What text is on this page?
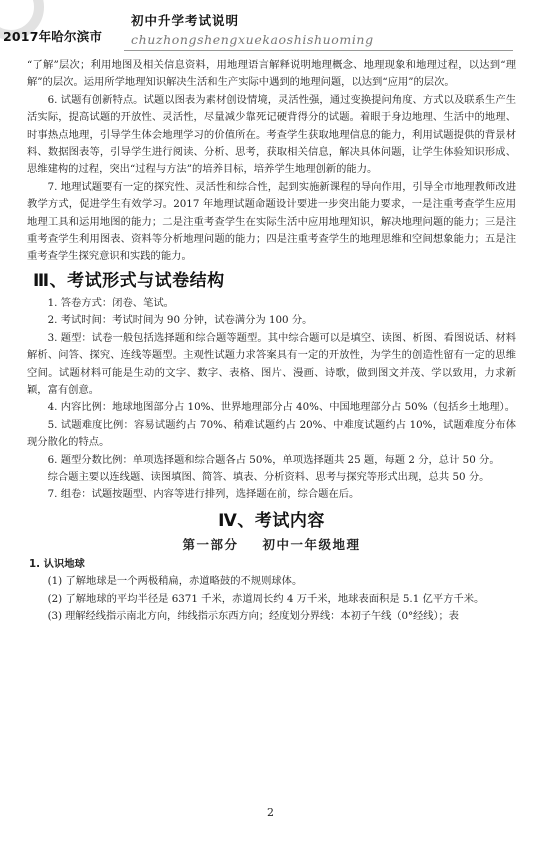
2017年哈尔滨市
初中升学考试说明
chuzhongshengxuekaoshishuoming

“了解”层次；利用地图及相关信息资料，用地理语言解释说明地理概念、地理现象和地理过程，以达到“理解”的层次。运用所学地理知识解决生活和生产实际中遇到的地理问题，以达到“应用”的层次。

6. 试题有创新特点。试题以图表为素材创设情境，灵活性强，通过变换提问角度、方式以及联系生产生活实际，提高试题的开放性、灵活性，尽量减少靠死记硬背得分的试题。着眼于身边地理、生活中的地理、时事热点地理，引导学生体会地理学习的价值所在。考查学生获取地理信息的能力，利用试题提供的背景材料、数据图表等，引导学生进行阅读、分析、思考，获取相关信息，解决具体问题，让学生体验知识形成、思维建构的过程，突出“过程与方法”的培养目标，培养学生地理创新的能力。

7. 地理试题要有一定的探究性、灵活性和综合性，起到实施新课程的导向作用，引导全市地理教师改进教学方式，促进学生有效学习。2017 年地理试题命题设计要进一步突出能力要求，一是注重考查学生应用地理工具和运用地图的能力；二是注重考查学生在实际生活中应用地理知识，解决地理问题的能力；三是注重考查学生利用图表、资料等分析地理问题的能力；四是注重考查学生的地理思维和空间想象能力；五是注重考查学生探究意识和实践的能力。

Ⅲ、考试形式与试卷结构

1. 答卷方式：闭卷、笔试。

2. 考试时间：考试时间为 90 分钟，试卷满分为 100 分。

3. 题型：试卷一般包括选择题和综合题等题型。其中综合题可以是填空、读图、析图、看图说话、材料解析、问答、探究、连线等题型。主观性试题力求答案具有一定的开放性，为学生的创造性留有一定的思维空间。试题材料可能是生动的文字、数字、表格、图片、漫画、诗歌，做到图文并茂、学以致用，力求新颖，富有创意。

4. 内容比例：地球地图部分占 10%、世界地理部分占 40%、中国地理部分占 50%（包括乡土地理）。

5. 试题难度比例：容易试题约占 70%、稍难试题约占 20%、中难度试题约占 10%，试题难度分布体现分散化的特点。

6. 题型分数比例：单项选择题和综合题各占 50%，单项选择题共 25 题，每题 2 分，总计 50 分。

综合题主要以连线题、读图填图、简答、填表、分析资料、思考与探究等形式出现，总共 50 分。

7. 组卷：试题按题型、内容等进行排列，选择题在前，综合题在后。

Ⅳ、考试内容
第一部分 初中一年级地理
1. 认识地球

(1) 了解地球是一个两极稍扁，赤道略鼓的不规则球体。

(2) 了解地球的平均半径是 6371 千米，赤道周长约 4 万千米，地球表面积是 5.1 亿平方千米。

(3) 理解经线指示南北方向，纬线指示东西方向；经度划分界线：本初子午线（0°经线）；表

2
